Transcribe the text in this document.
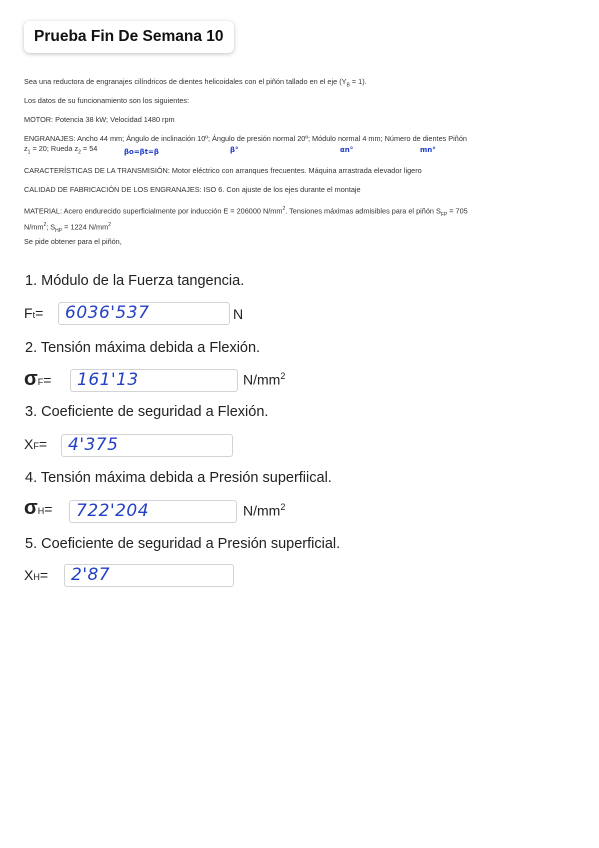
Prueba Fin De Semana 10
Sea una reductora de engranajes cilíndricos de dientes helicoidales con el piñón tallado en el eje $(Y_B = 1)$.
Los datos de su funcionamiento son los siguientes:
MOTOR: Potencia 38 kW; Velocidad 1480 rpm
ENGRANAJES: Ancho 44 mm; Ángulo de inclinación 10º; Ángulo de presión normal 20º; Módulo normal 4 mm; Número de dientes Piñón
$z_1 = 20$; Rueda $z_2 = 54$	βo=βt=β	β°	αn°	mn°
CARACTERÍSTICAS DE LA TRANSMISIÓN: Motor eléctrico con arranques frecuentes. Máquina arrastrada elevador ligero
CALIDAD DE FABRICACIÓN DE LOS ENGRANAJES: ISO 6. Con ajuste de los ejes durante el montaje
MATERIAL: Acero endurecido superficialmente por inducción E = 206000 $N/mm^2$. Tensiones máximas admisibles para el piñón $S_{FP} = 705$
$N/mm^2$; $S_{HP} = 1224$ $N/mm^2$
Se pide obtener para el piñón,
1. Módulo de la Fuerza tangencia.
F t = 6036'537	N
2. Tensión máxima debida a Flexión.
σ F = 161'13	$N/mm^2$
3. Coeficiente de seguridad a Flexión.
X F = 4'375
4. Tensión máxima debida a Presión superfiical.
σ H = 722'204	$N/mm^2$
5. Coeficiente de seguridad a Presión superficial.
X H = 2'87
